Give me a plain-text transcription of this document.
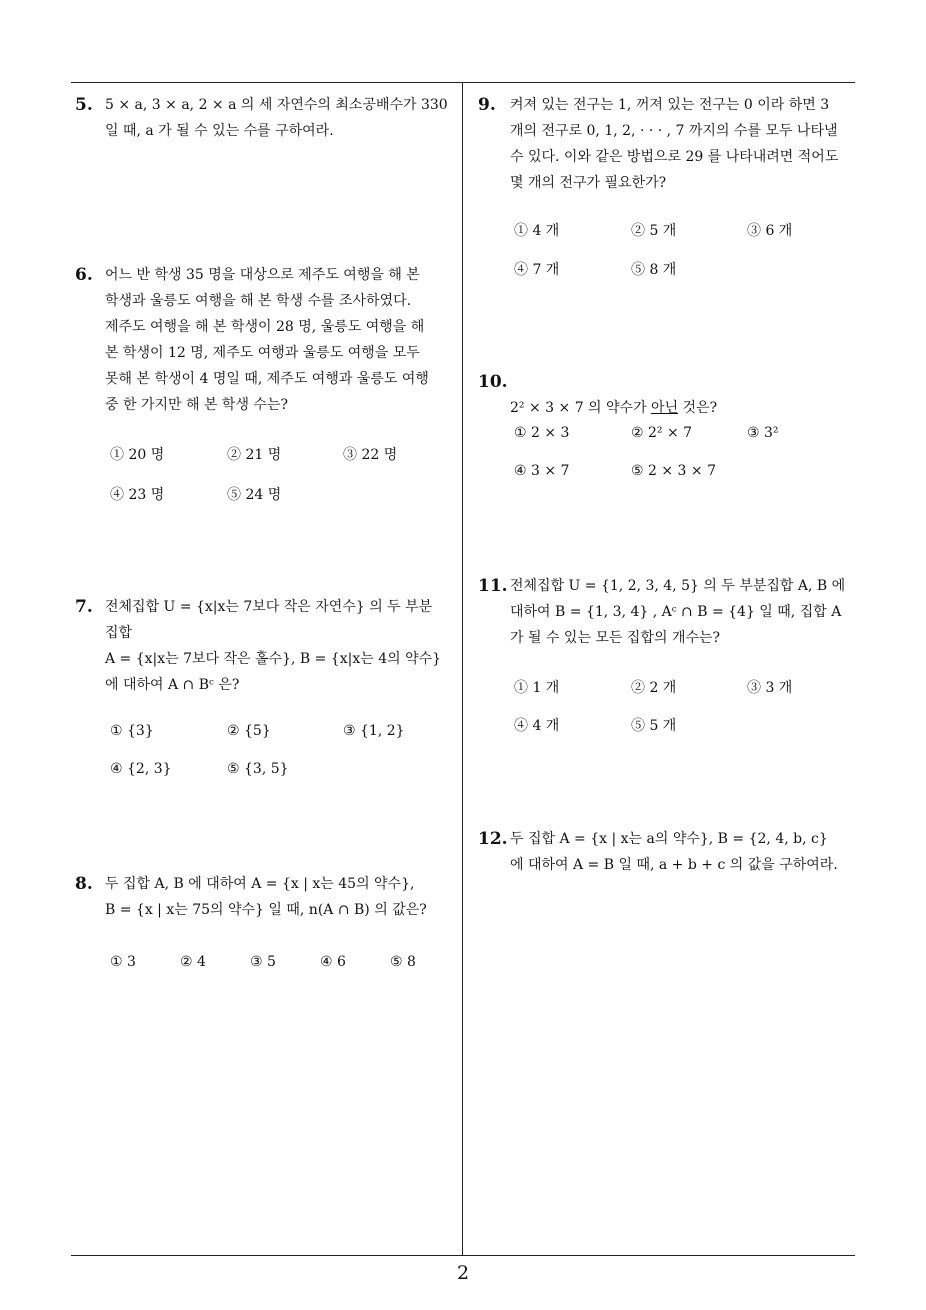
5. 5 × a, 3 × a, 2 × a 의 세 자연수의 최소공배수가 330
일 때, a 가 될 수 있는 수를 구하여라.
6. 어느 반 학생 35 명을 대상으로 제주도 여행을 해 본
학생과 울릉도 여행을 해 본 학생 수를 조사하였다.
제주도 여행을 해 본 학생이 28 명, 울릉도 여행을 해
본 학생이 12 명, 제주도 여행과 울릉도 여행을 모두
못해 본 학생이 4 명일 때, 제주도 여행과 울릉도 여행
중 한 가지만 해 본 학생 수는?
① 20 명	② 21 명	③ 22 명
④ 23 명	⑤ 24 명
7. 전체집합 U = {x|x는 7보다 작은 자연수} 의 두 부분
집합
A = {x|x는 7보다 작은 홀수}, B = {x|x는 4의 약수}
에 대하여 A ∩ Bᶜ 은?
① {3}	② {5}	③ {1, 2}
④ {2, 3}	⑤ {3, 5}
8. 두 집합 A, B 에 대하여 A = {x | x는 45의 약수},
B = {x | x는 75의 약수} 일 때, n(A ∩ B) 의 값은?
① 3	② 4	③ 5	④ 6	⑤ 8
9. 켜져 있는 전구는 1, 꺼져 있는 전구는 0 이라 하면 3
개의 전구로 0, 1, 2, · · · , 7 까지의 수를 모두 나타낼
수 있다. 이와 같은 방법으로 29 를 나타내려면 적어도
몇 개의 전구가 필요한가?
① 4 개	② 5 개	③ 6 개
④ 7 개	⑤ 8 개
10.

2² × 3 × 7 의 약수가 아닌 것은?

① 2 × 3	② 2² × 7	③ 3²
④ 3 × 7	⑤ 2 × 3 × 7
11. 전체집합 U = {1, 2, 3, 4, 5} 의 두 부분집합 A, B 에
대하여 B = {1, 3, 4} , Aᶜ ∩ B = {4} 일 때, 집합 A
가 될 수 있는 모든 집합의 개수는?
① 1 개	② 2 개	③ 3 개
④ 4 개	⑤ 5 개
12. 두 집합 A = {x | x는 a의 약수}, B = {2, 4, b, c}
에 대하여 A = B 일 때, a + b + c 의 값을 구하여라.
2
